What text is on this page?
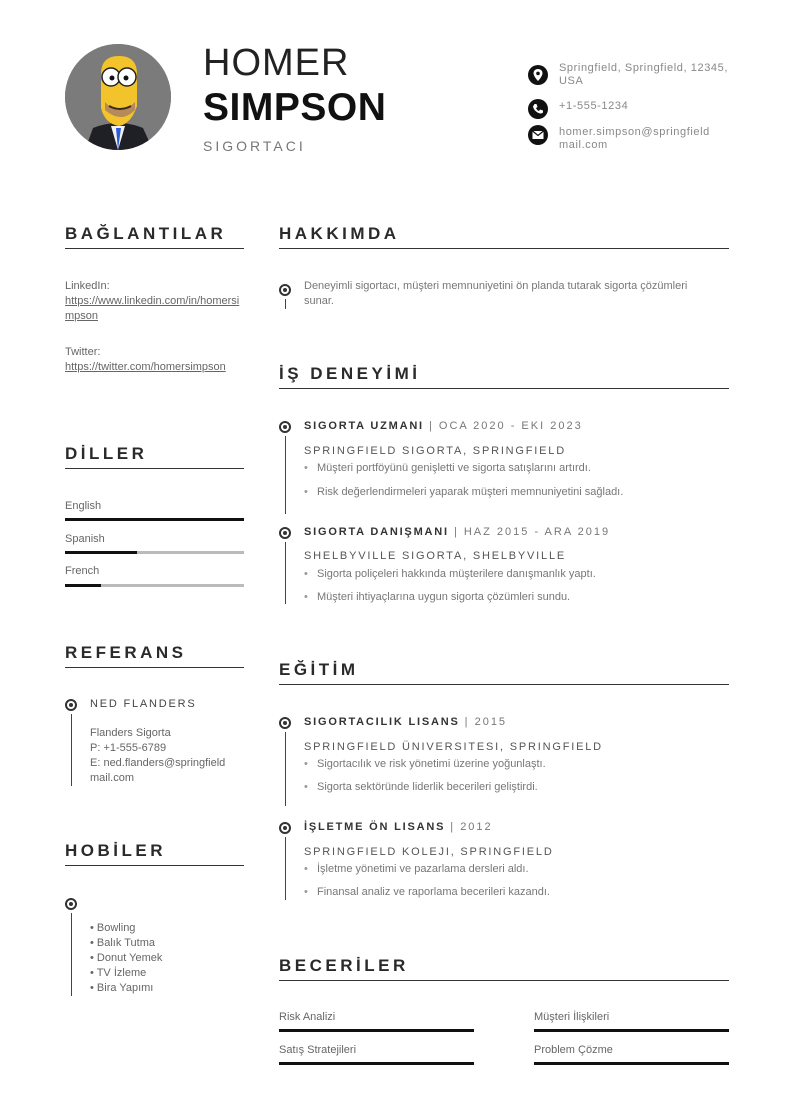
HOMER
SIMPSON
SIGORTACI
Springfield, Springfield, 12345, USA
+1-555-1234
homer.simpson@springfield mail.com
BAĞLANTILAR
LinkedIn:
https://www.linkedin.com/in/homersimpson
Twitter:
https://twitter.com/homersimpson
DİLLER
English
Spanish
French
REFERANS
NED FLANDERS
Flanders Sigorta
P: +1-555-6789
E: ned.flanders@springfield mail.com
HOBİLER
• Bowling
• Balık Tutma
• Donut Yemek
• TV İzleme
• Bira Yapımı
HAKKIMDA
Deneyimli sigortacı, müşteri memnuniyetini ön planda tutarak sigorta çözümleri sunar.
İŞ DENEYİMİ
SIGORTA UZMANI | OCA 2020 - EKI 2023
SPRINGFIELD SIGORTA, SPRINGFIELD
• Müşteri portföyünü genişletti ve sigorta satışlarını artırdı.
• Risk değerlendirmeleri yaparak müşteri memnuniyetini sağladı.
SIGORTA DANIŞMANI | HAZ 2015 - ARA 2019
SHELBYVILLE SIGORTA, SHELBYVILLE
• Sigorta poliçeleri hakkında müşterilere danışmanlık yaptı.
• Müşteri ihtiyaçlarına uygun sigorta çözümleri sundu.
EĞİTİM
SIGORTACILIK LISANS | 2015
SPRINGFIELD ÜNIVERSITESI, SPRINGFIELD
• Sigortacılık ve risk yönetimi üzerine yoğunlaştı.
• Sigorta sektöründe liderlik becerileri geliştirdi.
İŞLETME ÖN LISANS | 2012
SPRINGFIELD KOLEJI, SPRINGFIELD
• İşletme yönetimi ve pazarlama dersleri aldı.
• Finansal analiz ve raporlama becerileri kazandı.
BECERİLER
Risk Analizi	Müşteri İlişkileri
Satış Stratejileri	Problem Çözme
